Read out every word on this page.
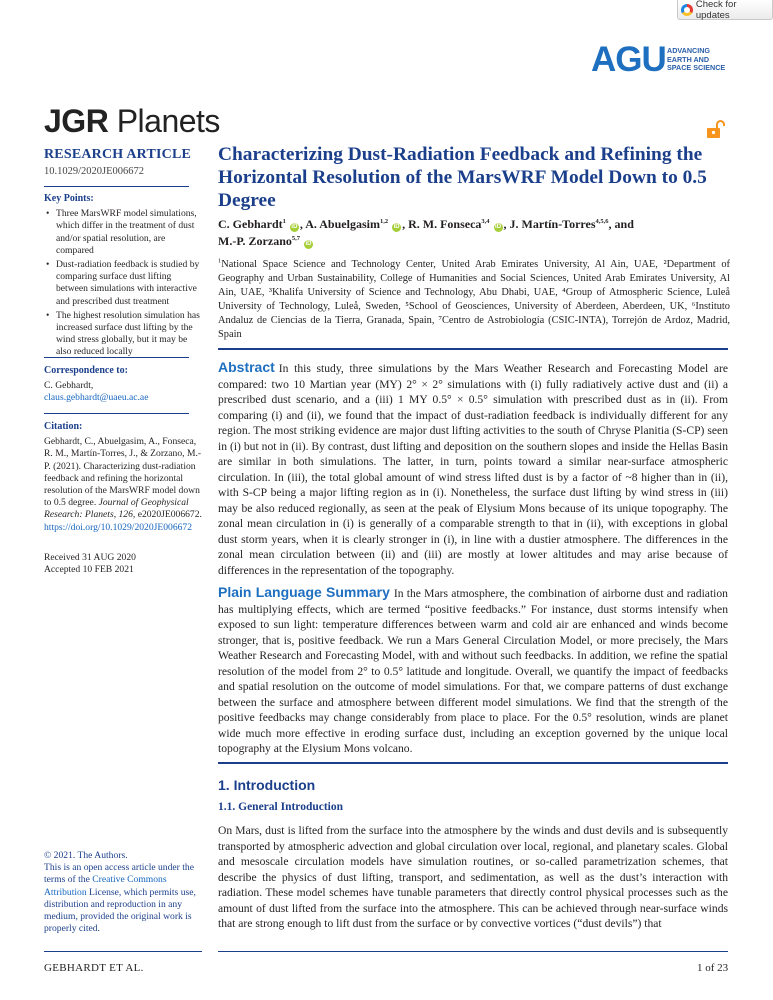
Check for updates
AGU ADVANCING
EARTH AND
SPACE SCIENCE
JGR Planets
RESEARCH ARTICLE
10.1029/2020JE006672
Key Points:
• Three MarsWRF model simulations, which differ in the treatment of dust and/or spatial resolution, are compared
• Dust-radiation feedback is studied by comparing surface dust lifting between simulations with interactive and prescribed dust treatment
• The highest resolution simulation has increased surface dust lifting by the wind stress globally, but it may be also reduced locally
Correspondence to:
C. Gebhardt,
claus.gebhardt@uaeu.ac.ae
Citation:
Gebhardt, C., Abuelgasim, A., Fonseca, R. M., Martín-Torres, J., & Zorzano, M.-P. (2021). Characterizing dust-radiation feedback and refining the horizontal resolution of the MarsWRF model down to 0.5 degree. Journal of Geophysical Research: Planets, 126, e2020JE006672. https://doi.org/10.1029/2020JE006672
Received 31 AUG 2020
Accepted 10 FEB 2021
© 2021. The Authors.
This is an open access article under the terms of the Creative Commons Attribution License, which permits use, distribution and reproduction in any medium, provided the original work is properly cited.
Characterizing Dust-Radiation Feedback and Refining the Horizontal Resolution of the MarsWRF Model Down to 0.5 Degree
C. Gebhardt$^1$ iD , A. Abuelgasim$^{1,2}$ iD , R. M. Fonseca$^{3,4}$ iD , J. Martín-Torres$^{4,5,6}$, and
M.-P. Zorzano$^{5,7}$ iD
$^1$National Space Science and Technology Center, United Arab Emirates University, Al Ain, UAE, ²Department of Geography and Urban Sustainability, College of Humanities and Social Sciences, United Arab Emirates University, Al Ain, UAE, ³Khalifa University of Science and Technology, Abu Dhabi, UAE, ⁴Group of Atmospheric Science, Luleå University of Technology, Luleå, Sweden, ⁵School of Geosciences, University of Aberdeen, Aberdeen, UK, ⁶Instituto Andaluz de Ciencias de la Tierra, Granada, Spain, ⁷Centro de Astrobiología (CSIC-INTA), Torrejón de Ardoz, Madrid, Spain
Abstract In this study, three simulations by the Mars Weather Research and Forecasting Model are compared: two 10 Martian year (MY) 2° × 2° simulations with (i) fully radiatively active dust and (ii) a prescribed dust scenario, and a (iii) 1 MY 0.5° × 0.5° simulation with prescribed dust as in (ii). From comparing (i) and (ii), we found that the impact of dust-radiation feedback is individually different for any region. The most striking evidence are major dust lifting activities to the south of Chryse Planitia (S-CP) seen in (i) but not in (ii). By contrast, dust lifting and deposition on the southern slopes and inside the Hellas Basin are similar in both simulations. The latter, in turn, points toward a similar near-surface atmospheric circulation. In (iii), the total global amount of wind stress lifted dust is by a factor of ~8 higher than in (ii), with S-CP being a major lifting region as in (i). Nonetheless, the surface dust lifting by wind stress in (iii) may be also reduced regionally, as seen at the peak of Elysium Mons because of its unique topography. The zonal mean circulation in (i) is generally of a comparable strength to that in (ii), with exceptions in global dust storm years, when it is clearly stronger in (i), in line with a dustier atmosphere. The differences in the zonal mean circulation between (ii) and (iii) are mostly at lower altitudes and may arise because of differences in the representation of the topography.
Plain Language Summary In the Mars atmosphere, the combination of airborne dust and radiation has multiplying effects, which are termed “positive feedbacks.” For instance, dust storms intensify when exposed to sun light: temperature differences between warm and cold air are enhanced and winds become stronger, that is, positive feedback. We run a Mars General Circulation Model, or more precisely, the Mars Weather Research and Forecasting Model, with and without such feedbacks. In addition, we refine the spatial resolution of the model from 2° to 0.5° latitude and longitude. Overall, we quantify the impact of feedbacks and spatial resolution on the outcome of model simulations. For that, we compare patterns of dust exchange between the surface and atmosphere between different model simulations. We find that the strength of the positive feedbacks may change considerably from place to place. For the 0.5° resolution, winds are planet wide much more effective in eroding surface dust, including an exception governed by the unique local topography at the Elysium Mons volcano.
1. Introduction
1.1. General Introduction
On Mars, dust is lifted from the surface into the atmosphere by the winds and dust devils and is subsequently transported by atmospheric advection and global circulation over local, regional, and planetary scales. Global and mesoscale circulation models have simulation routines, or so-called parametrization schemes, that describe the physics of dust lifting, transport, and sedimentation, as well as the dust’s interaction with radiation. These model schemes have tunable parameters that directly control physical processes such as the amount of dust lifted from the surface into the atmosphere. This can be achieved through near-surface winds that are strong enough to lift dust from the surface or by convective vortices (“dust devils”) that
GEBHARDT ET AL.	1 of 23
